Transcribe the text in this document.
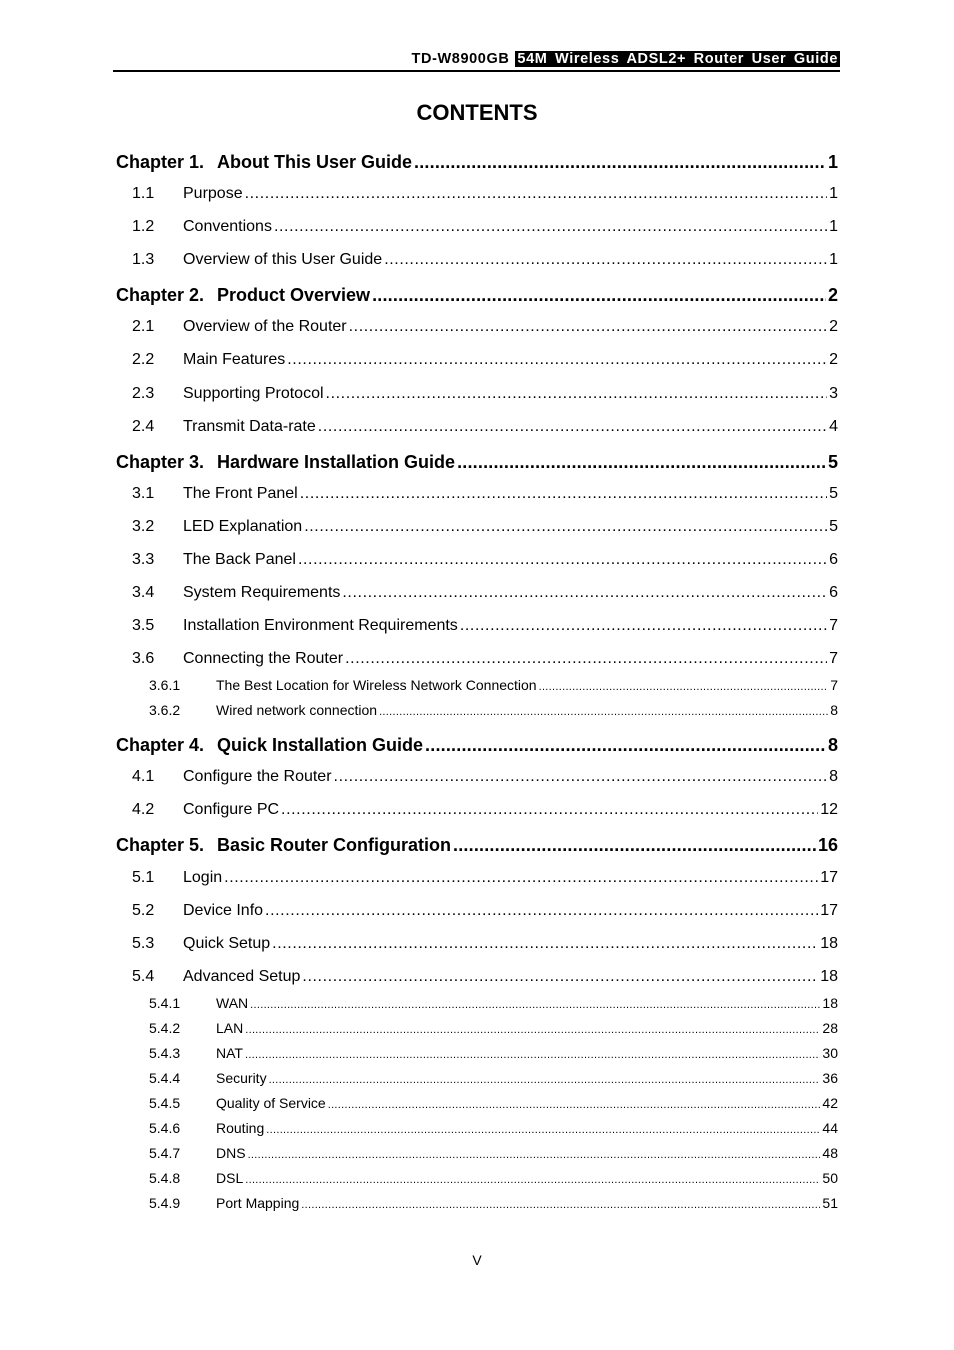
TD-W8900GB 54M Wireless ADSL2+ Router User Guide
CONTENTS
Chapter 1. About This User Guide .....	1
1.1	Purpose .....	1
1.2	Conventions .....	1
1.3	Overview of this User Guide .....	1
Chapter 2. Product Overview .....	2
2.1	Overview of the Router .....	2
2.2	Main Features .....	2
2.3	Supporting Protocol .....	3
2.4	Transmit Data-rate .....	4
Chapter 3. Hardware Installation Guide .....	5
3.1	The Front Panel .....	5
3.2	LED Explanation .....	5
3.3	The Back Panel .....	6
3.4	System Requirements .....	6
3.5	Installation Environment Requirements .....	7
3.6	Connecting the Router .....	7
3.6.1	The Best Location for Wireless Network Connection .....	7
3.6.2	Wired network connection .....	8
Chapter 4. Quick Installation Guide .....	8
4.1	Configure the Router .....	8
4.2	Configure PC .....	12
Chapter 5. Basic Router Configuration .....	16
5.1	Login .....	17
5.2	Device Info .....	17
5.3	Quick Setup .....	18
5.4	Advanced Setup .....	18
5.4.1	WAN .....	18
5.4.2	LAN .....	28
5.4.3	NAT .....	30
5.4.4	Security .....	36
5.4.5	Quality of Service .....	42
5.4.6	Routing .....	44
5.4.7	DNS .....	48
5.4.8	DSL .....	50
5.4.9	Port Mapping .....	51
V
